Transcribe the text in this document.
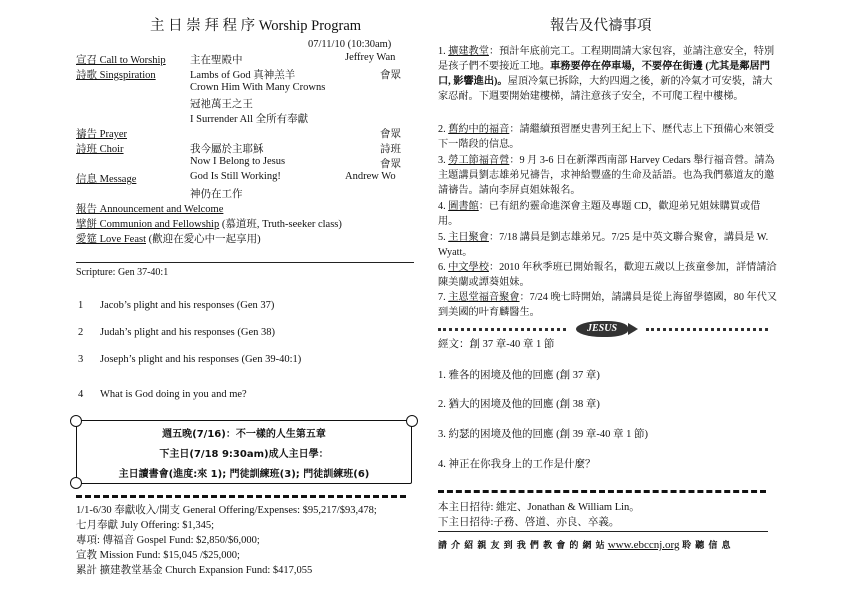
主 日 崇 拜 程 序 Worship Program
07/11/10 (10:30am)
宣召 Call to Worship 主在聖殿中	Jeffrey Wan
詩歌 Singspiration	Lambs of God 真神羔羊	會眾
Crown Him With Many Crowns
冠祂萬王之王
I Surrender All 全所有奉獻
禱告 Prayer	會眾
詩班 Choir	我今屬於主耶穌	詩班
Now I Belong to Jesus	會眾
信息 Message	God Is Still Working!	Andrew Wo
神仍在工作
報告 Announcement and Welcome
擘餅 Communion and Fellowship (慕道班, Truth-seeker class)
愛筵 Love Feast (歡迎在愛心中一起享用)
Scripture: Gen 37-40:1
1 Jacob’s plight and his responses (Gen 37)
2 Judah’s plight and his responses (Gen 38)
3 Joseph’s plight and his responses (Gen 39-40:1)
4 What is God doing in you and me?
週五晚(7/16)：不一樣的人生第五章
下主日(7/18 9:30am)成人主日學：
主日讀書會(進度:來 1); 門徒訓練班(3); 門徒訓練班(6)
1/1-6/30 奉獻收入/開支 General Offering/Expenses: $95,217/$93,478;
七月奉獻 July Offering: $1,345;
專項: 傳福音 Gospel Fund: $2,850/$6,000;
宣教 Mission Fund: $15,045 /$25,000;
累計 擴建教堂基金 Church Expansion Fund: $417,055
報告及代禱事項
1. 擴建教堂：預計年底前完工。工程期間請大家包容，並請注意安全，特別是孩子們不要接近工地。車務要停在停車場，不要停在街邊 (尤其是鄰居門口, 影響進出)。屋頂冷氣已拆除，大約四週之後，新的冷氣才可安裝，請大家忍耐。下週要開始建樓梯，請注意孩子安全，不可爬工程中樓梯。
2. 舊約中的福音：請繼續預習歷史書列王紀上下、歷代志上下預備心來領受下一階段的信息。
3. 勞工節福音營：9 月 3-6 日在新澤西南部 Harvey Cedars 舉行福音營。請為主題講員劉志雄弟兄禱告，求神給豐盛的生命及話語。也為我們慕道友的邀請禱告。請向李屏貞姐妹報名。
4. 圖書館：已有紐約靈命進深會主題及專題 CD，歡迎弟兄姐妹購買或借用。
5. 主日聚會：7/18 講員是劉志雄弟兄。7/25 是中英文聯合聚會，講員是 W. Wyatt。
6. 中文學校：2010 年秋季班已開始報名，歡迎五歲以上孩童參加，詳情請洽陳美蘭或譚葵姐妹。
7. 主恩堂福音聚會：7/24 晚七時開始，請講員是從上海留學德國，80 年代又到美國的叶育麟醫生。
JESUS
經文：創 37 章-40 章 1 節
1. 雅各的困境及他的回應 (創 37 章)
2. 猶大的困境及他的回應 (創 38 章)
3. 約瑟的困境及他的回應 (創 39 章-40 章 1 節)
4. 神正在你我身上的工作是什麼？
本主日招待: 維定、Jonathan & William Lin。
下主日招待:子務、啓道、亦良、卒義。
請 介 紹 親 友 到 我 們 教 會 的 網 站 www.ebccnj.org 聆 聽 信 息
